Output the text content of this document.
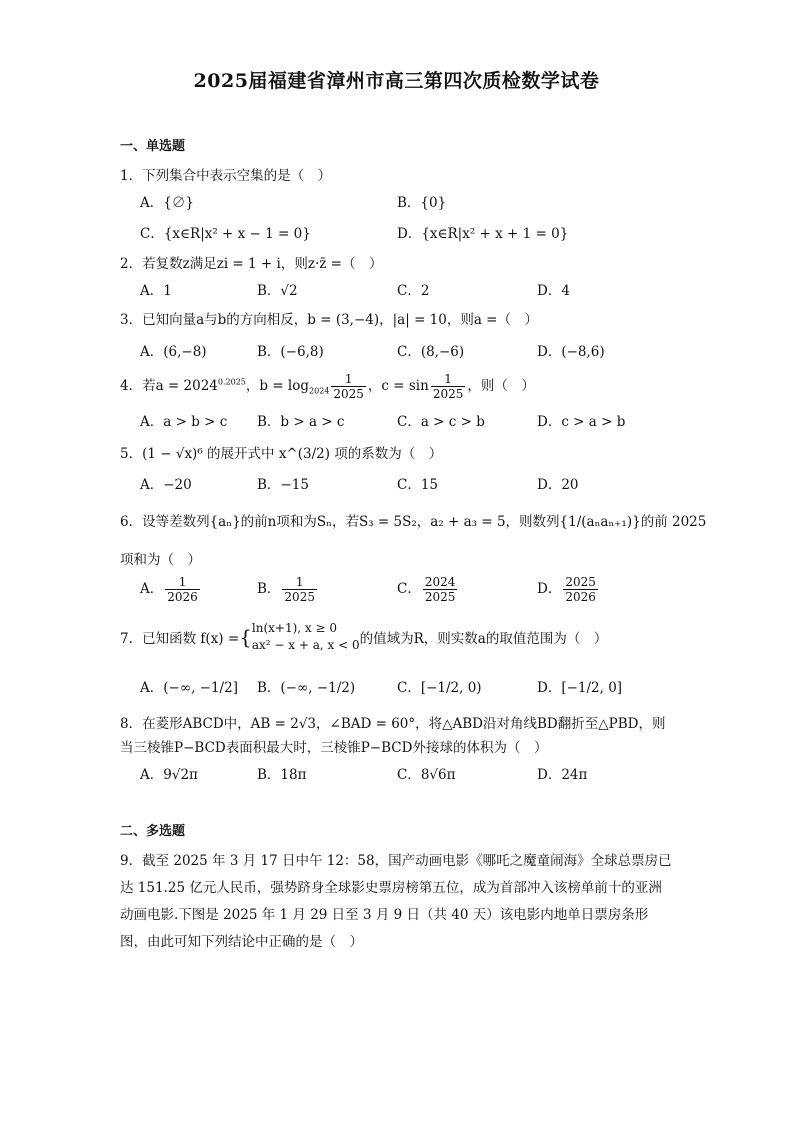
2025届福建省漳州市高三第四次质检数学试卷
一、单选题
1．下列集合中表示空集的是（　）
A．{∅}	B．{0}
C．{x∈R|x² + x − 1 = 0}	D．{x∈R|x² + x + 1 = 0}
2．若复数z满足zi = 1 + i，则z·z̄ =（　）
A．1	B．√2	C．2	D．4
3．已知向量a与b的方向相反，b = (3,−4)，|a| = 10，则a =（　）
A．(6,−8)	B．(−6,8)	C．(8,−6)	D．(−8,6)
4．若$a = 2024^{0.2025}$，$b = \log_{2024} \frac{1}{2025}$ ，$c = \sin \frac{1}{2025}$ ，则（　）
A．a > b > c B．b > a > c	C．a > c > b	D．c > a > b
5．(1 − √x)⁶ 的展开式中 x^(3/2) 项的系数为（　）
A．−20	B．−15	C．15	D．20
6．设等差数列{aₙ}的前n项和为Sₙ，若S₃ = 5S₂，a₂ + a₃ = 5，则数列{1/(aₙaₙ₊₁)}的前 2025
项和为（　）
A． $\frac{1}{2026}$	B． $\frac{1}{2025}$	C． $\frac{2024}{2025}$	D． $\frac{2025}{2026}$
7．已知函数 f(x) ={ ln(x+1), x ≥ 0
ax² − x + a, x < 0 的值域为R，则实数a的取值范围为（　）
A．(−∞, −1/2] B．(−∞, −1/2)	C．[−1/2, 0)	D．[−1/2, 0]
8．在菱形ABCD中，AB = 2√3，∠BAD = 60°，将△ABD沿对角线BD翻折至△PBD，则
当三棱锥P−BCD表面积最大时，三棱锥P−BCD外接球的体积为（　）
A．9√2π	B．18π	C．8√6π	D．24π
二、多选题
9．截至 2025 年 3 月 17 日中午 12：58，国产动画电影《哪吒之魔童闹海》全球总票房已达 151.25 亿元人民币，强势跻身全球影史票房榜第五位，成为首部冲入该榜单前十的亚洲动画电影.下图是 2025 年 1 月 29 日至 3 月 9 日（共 40 天）该电影内地单日票房条形图，由此可知下列结论中正确的是（　）
